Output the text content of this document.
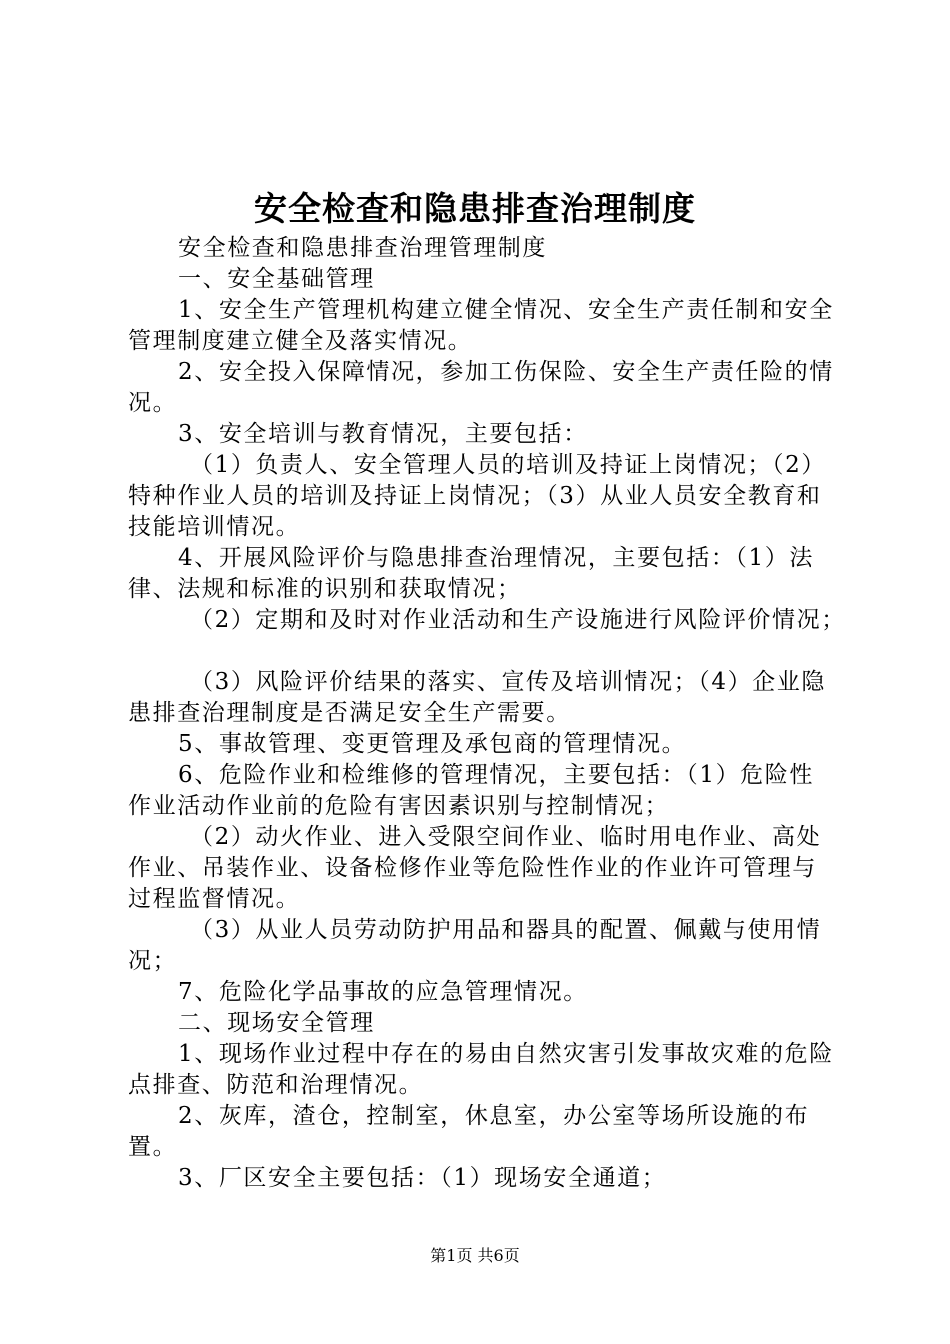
安全检查和隐患排查治理制度

安全检查和隐患排查治理管理制度

一、安全基础管理

1、安全生产管理机构建立健全情况、安全生产责任制和安全管理制度建立健全及落实情况。

2、安全投入保障情况，参加工伤保险、安全生产责任险的情况。

3、安全培训与教育情况，主要包括：

（1）负责人、安全管理人员的培训及持证上岗情况；（2）特种作业人员的培训及持证上岗情况；（3）从业人员安全教育和技能培训情况。

4、开展风险评价与隐患排查治理情况，主要包括：（1）法律、法规和标准的识别和获取情况；

（2）定期和及时对作业活动和生产设施进行风险评价情况；

（3）风险评价结果的落实、宣传及培训情况；（4）企业隐患排查治理制度是否满足安全生产需要。

5、事故管理、变更管理及承包商的管理情况。

6、危险作业和检维修的管理情况，主要包括：（1）危险性作业活动作业前的危险有害因素识别与控制情况；

（2）动火作业、进入受限空间作业、临时用电作业、高处作业、吊装作业、设备检修作业等危险性作业的作业许可管理与过程监督情况。

（3）从业人员劳动防护用品和器具的配置、佩戴与使用情况；

7、危险化学品事故的应急管理情况。

二、现场安全管理

1、现场作业过程中存在的易由自然灾害引发事故灾难的危险点排查、防范和治理情况。

2、灰库，渣仓，控制室，休息室，办公室等场所设施的布置。

3、厂区安全主要包括：（1）现场安全通道；

第1页 共6页
